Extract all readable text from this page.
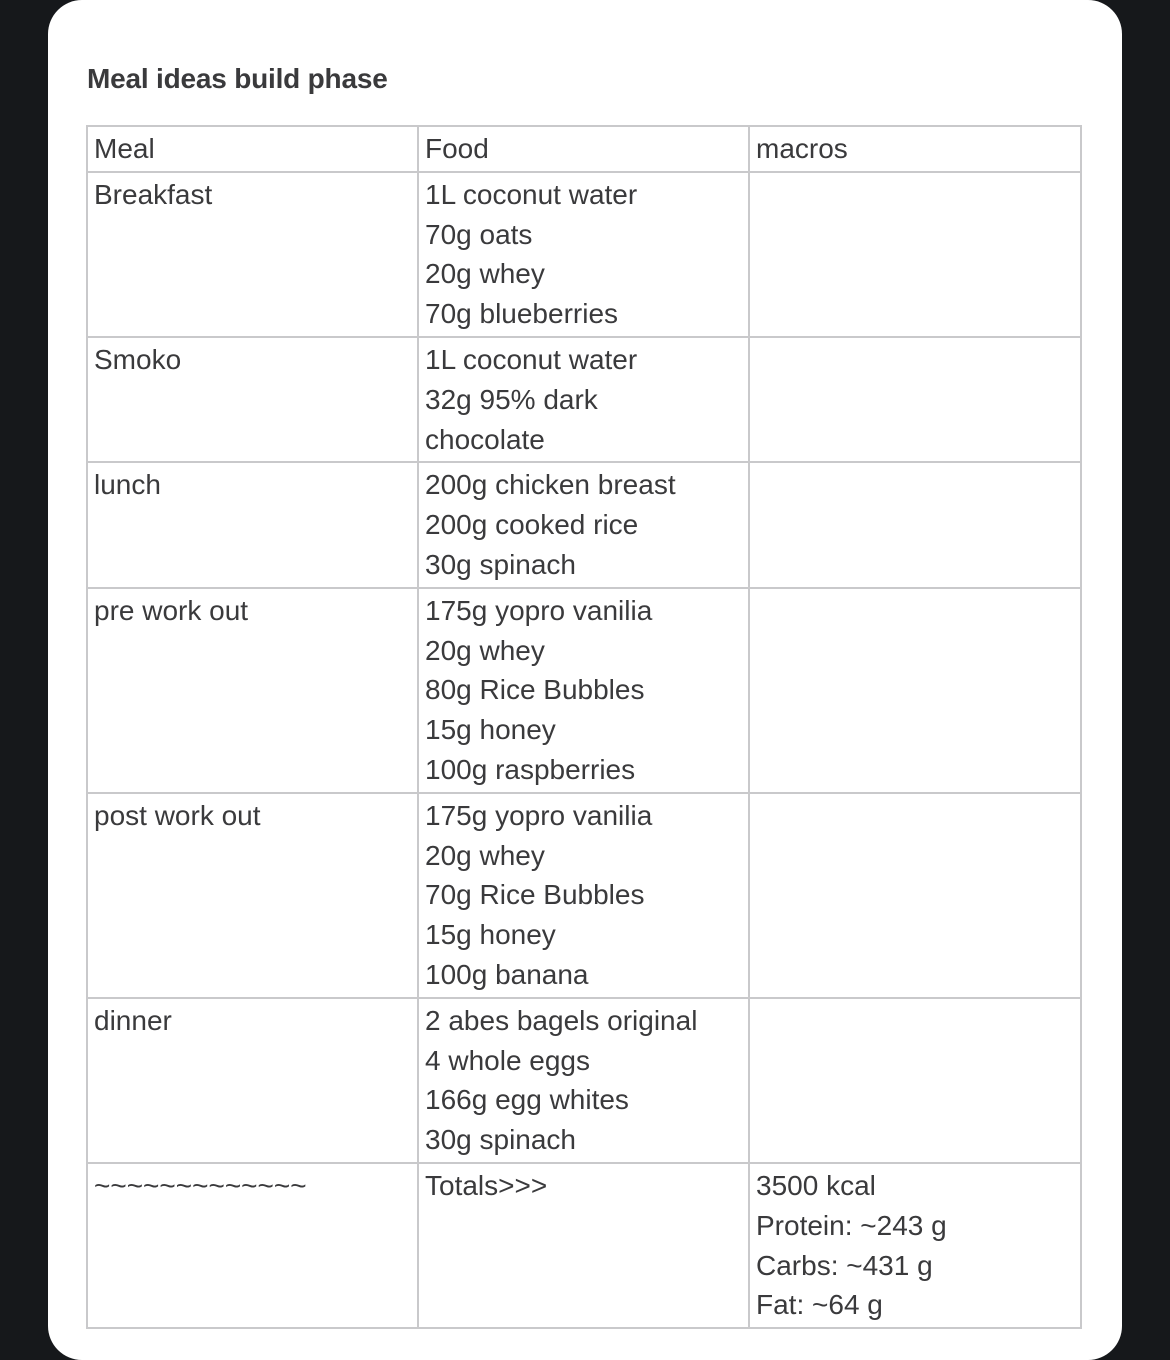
Meal ideas build phase
Meal	Food	macros
Breakfast	1L coconut water
70g oats
20g whey
70g blueberries	

Smoko	1L coconut water
32g 95% dark
chocolate	

lunch	200g chicken breast
200g cooked rice
30g spinach	

pre work out	175g yopro vanilia
20g whey
80g Rice Bubbles
15g honey
100g raspberries	

post work out	175g yopro vanilia
20g whey
70g Rice Bubbles
15g honey
100g banana	

dinner	2 abes bagels original
4 whole eggs
166g egg whites
30g spinach	

~~~~~~~~~~~~~	Totals>>>	3500 kcal
Protein: ~243 g
Carbs: ~431 g
Fat: ~64 g
